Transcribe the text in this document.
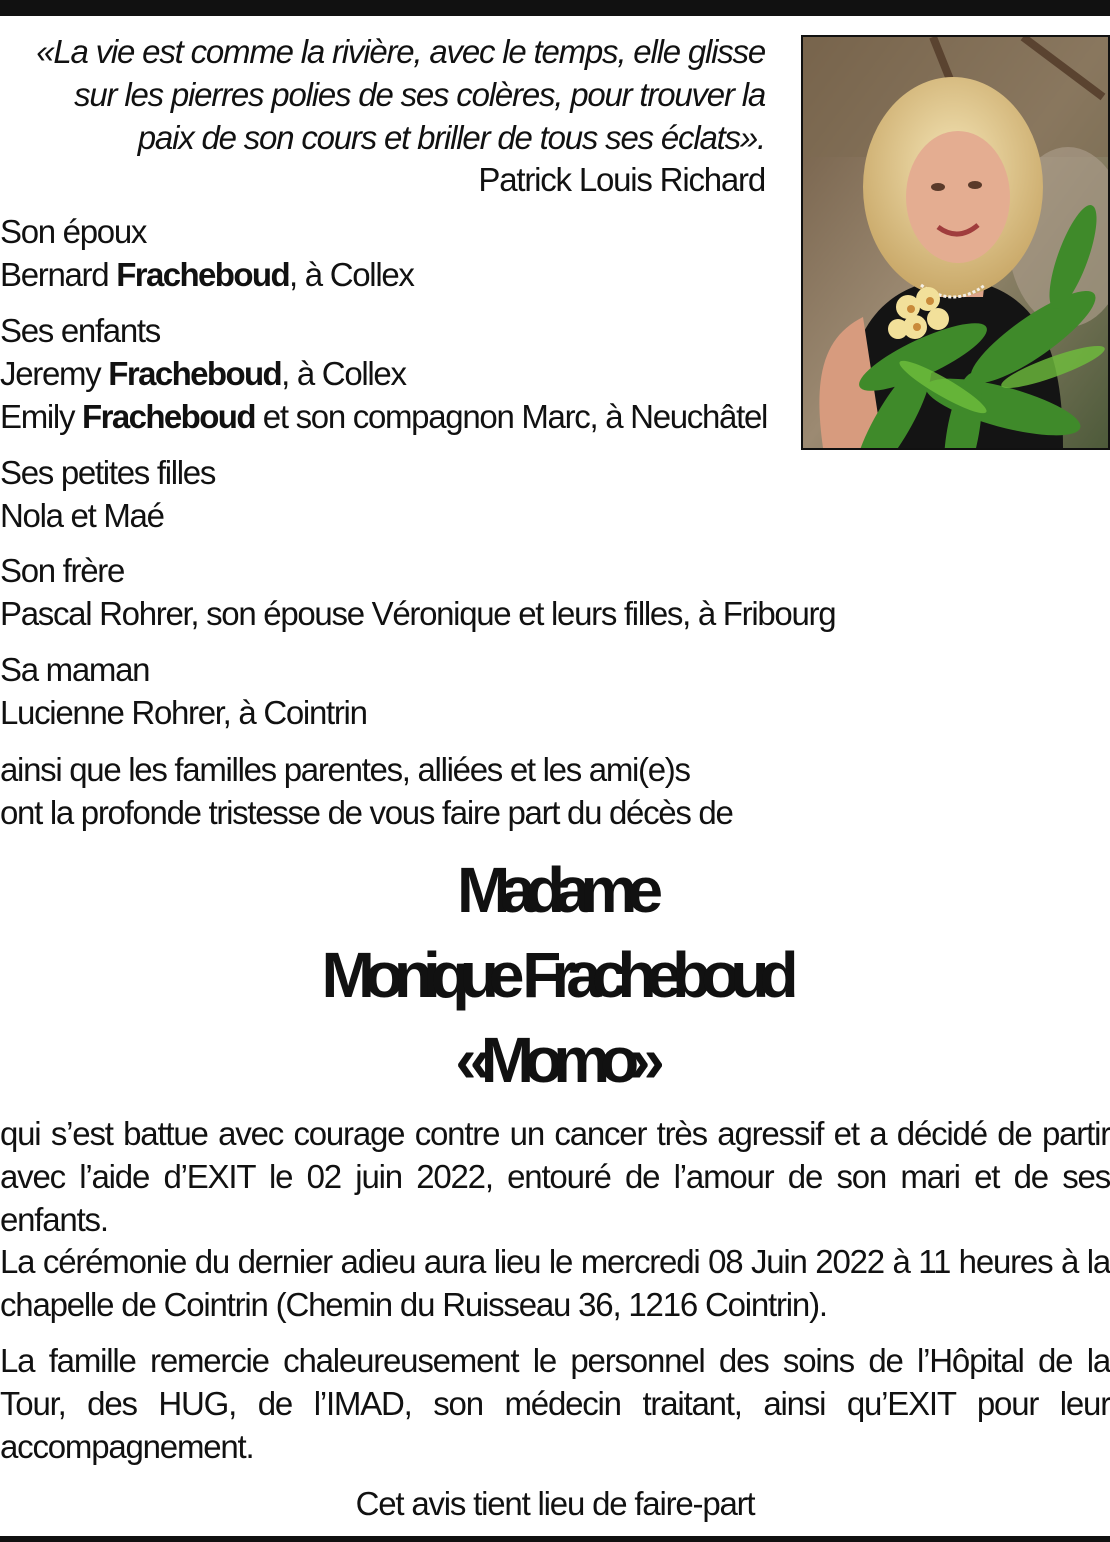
«La vie est comme la rivière, avec le temps, elle glisse
sur les pierres polies de ses colères, pour trouver la
paix de son cours et briller de tous ses éclats».
Patrick Louis Richard
Son époux
Bernard Fracheboud, à Collex
Ses enfants
Jeremy Fracheboud, à Collex
Emily Fracheboud et son compagnon Marc, à Neuchâtel
Ses petites filles
Nola et Maé
Son frère
Pascal Rohrer, son épouse Véronique et leurs filles, à Fribourg
Sa maman
Lucienne Rohrer, à Cointrin
ainsi que les familles parentes, alliées et les ami(e)s
ont la profonde tristesse de vous faire part du décès de
Madame
Monique Fracheboud
«Momo»
qui s’est battue avec courage contre un cancer très agressif et a décidé de partir avec l’aide d’EXIT le 02 juin 2022, entouré de l’amour de son mari et de ses enfants.
La cérémonie du dernier adieu aura lieu le mercredi 08 Juin 2022 à 11 heures à la chapelle de Cointrin (Chemin du Ruisseau 36, 1216 Cointrin).
La famille remercie chaleureusement le personnel des soins de l’Hôpital de la Tour, des HUG, de l’IMAD, son médecin traitant, ainsi qu’EXIT pour leur accompagnement.
Cet avis tient lieu de faire-part
